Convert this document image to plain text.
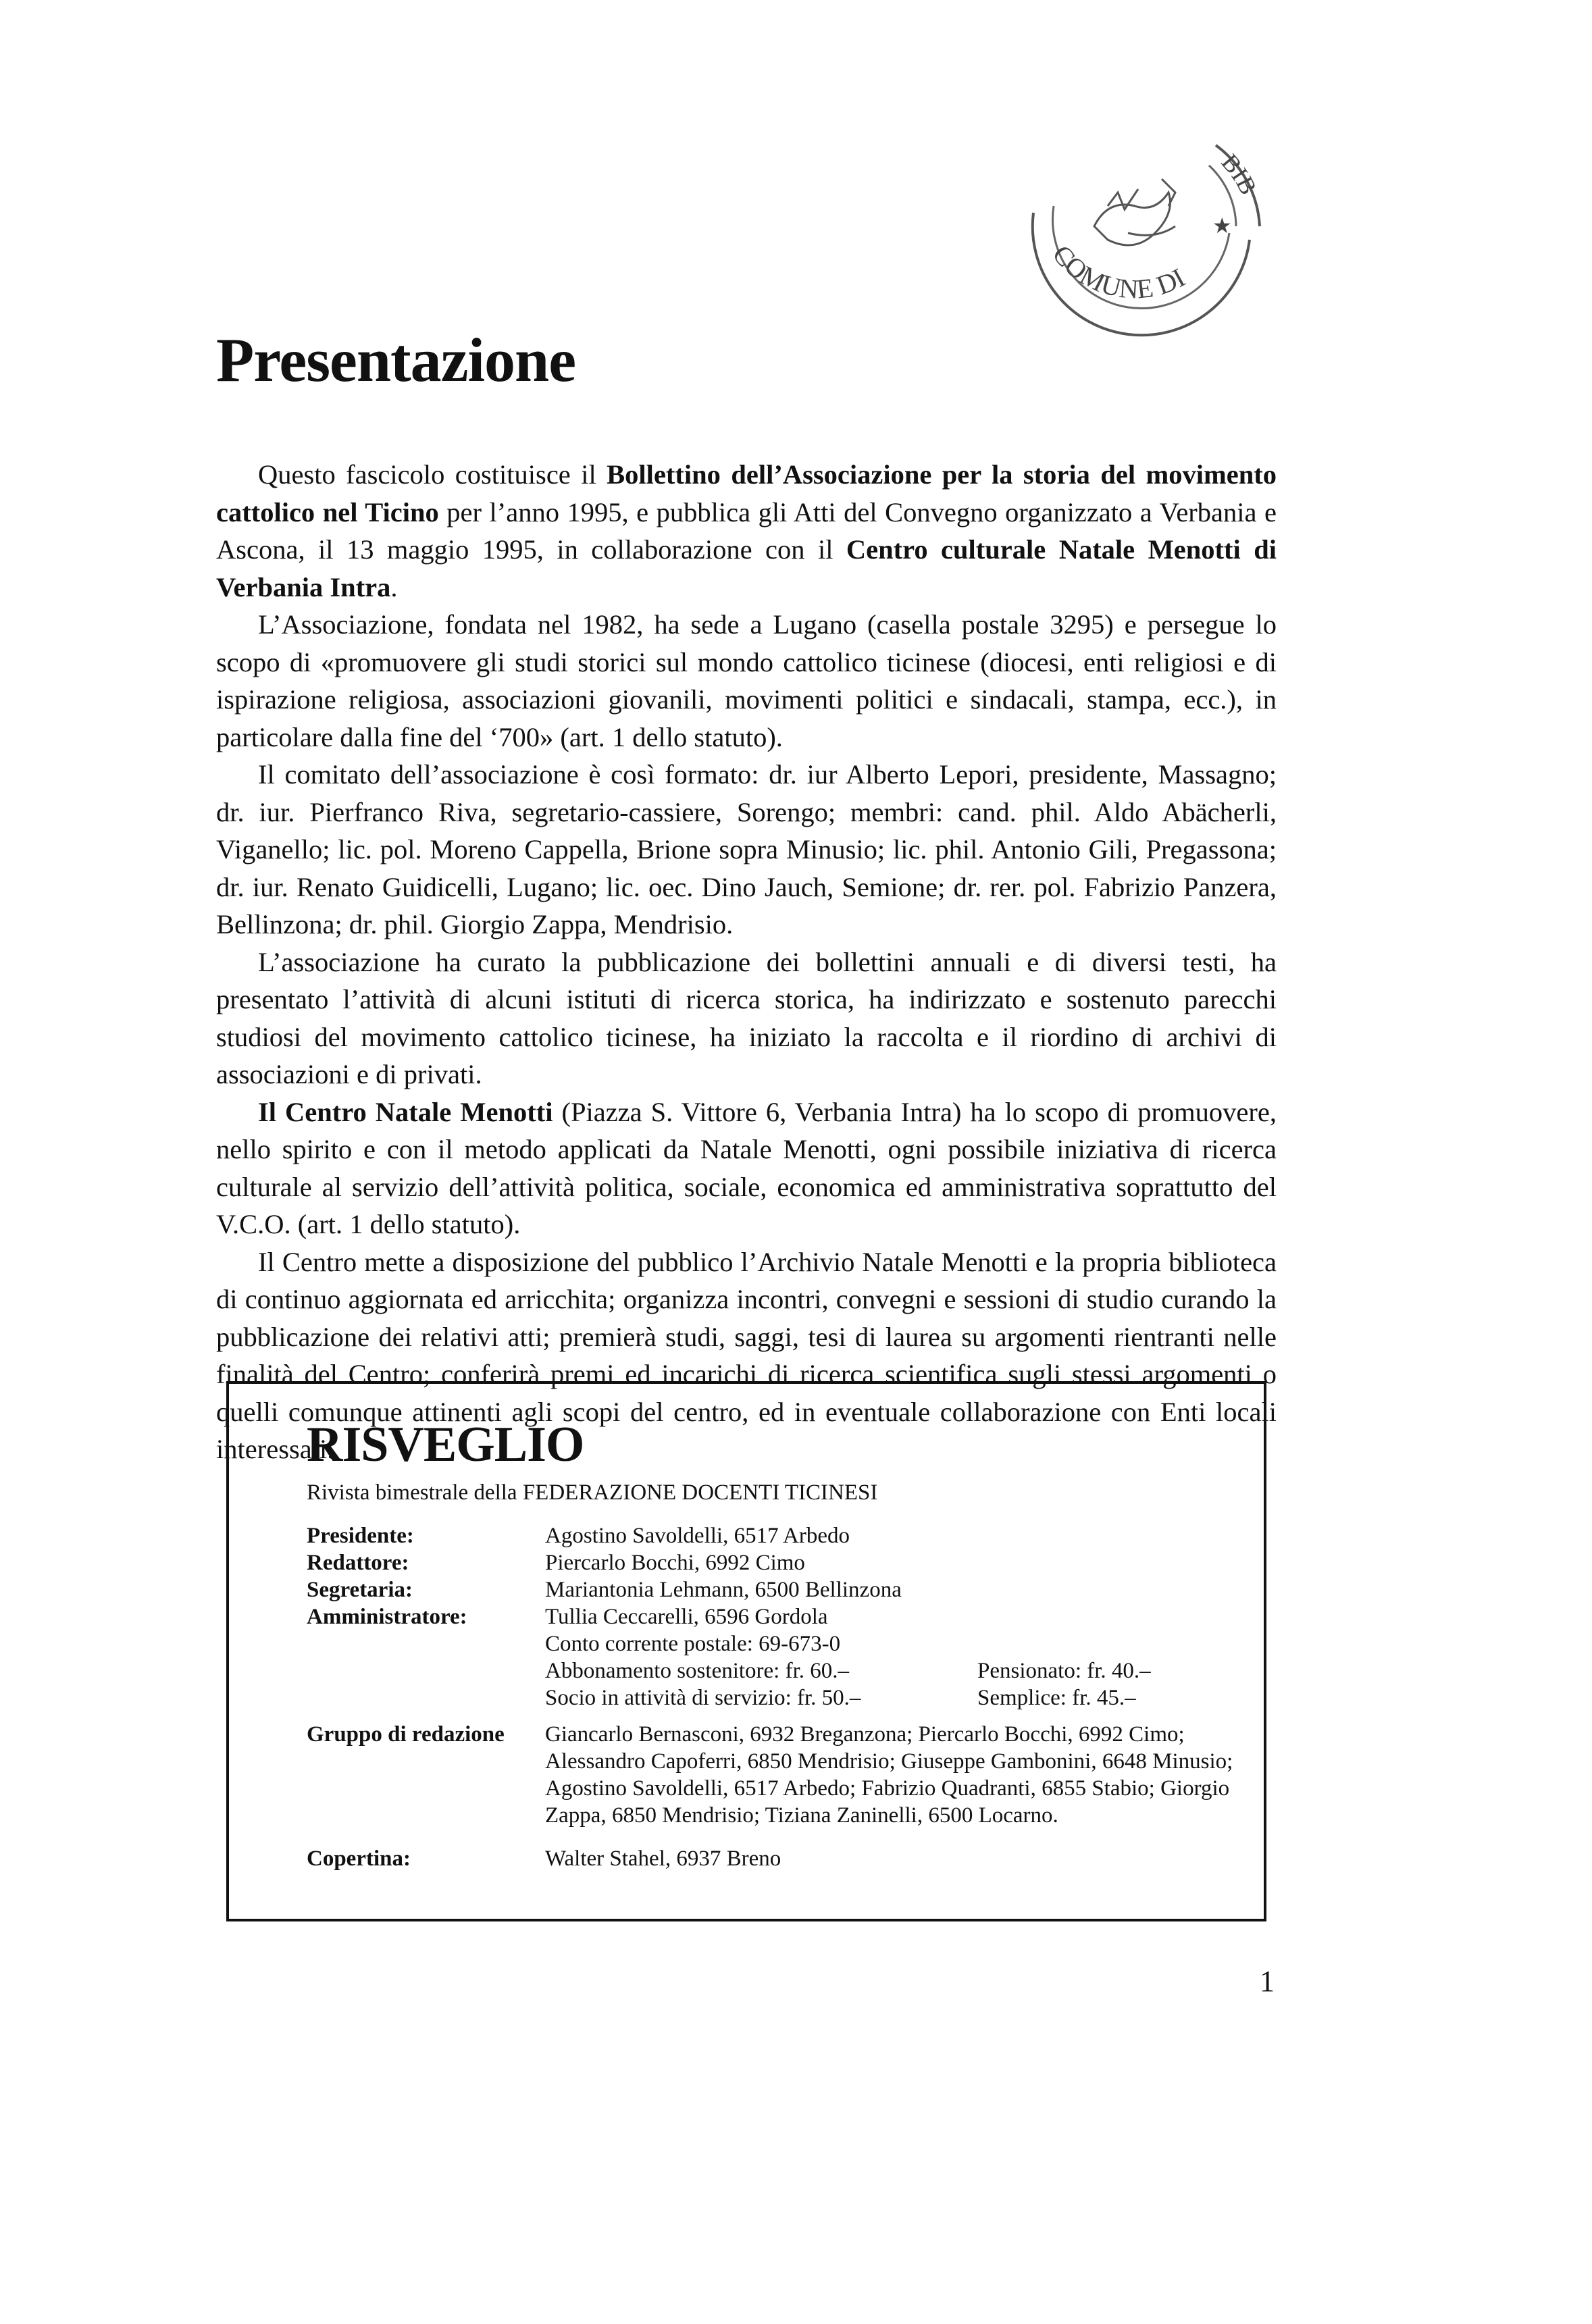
COMUNE DI
BIB
★
Presentazione

Questo fascicolo costituisce il Bollettino dell’Associazione per la storia del movimento cattolico nel Ticino per l’anno 1995, e pubblica gli Atti del Convegno organizzato a Verbania e Ascona, il 13 maggio 1995, in collaborazione con il Centro culturale Natale Menotti di Verbania Intra.

L’Associazione, fondata nel 1982, ha sede a Lugano (casella postale 3295) e persegue lo scopo di «promuovere gli studi storici sul mondo cattolico ticinese (diocesi, enti religiosi e di ispirazione religiosa, associazioni giovanili, movimenti politici e sindacali, stampa, ecc.), in particolare dalla fine del ‘700» (art. 1 dello statuto).

Il comitato dell’associazione è così formato: dr. iur Alberto Lepori, presidente, Massagno; dr. iur. Pierfranco Riva, segretario-cassiere, Sorengo; membri: cand. phil. Aldo Abächerli, Viganello; lic. pol. Moreno Cappella, Brione sopra Minusio; lic. phil. Antonio Gili, Pregassona; dr. iur. Renato Guidicelli, Lugano; lic. oec. Dino Jauch, Semione; dr. rer. pol. Fabrizio Panzera, Bellinzona; dr. phil. Giorgio Zappa, Mendrisio.

L’associazione ha curato la pubblicazione dei bollettini annuali e di diversi testi, ha presentato l’attività di alcuni istituti di ricerca storica, ha indirizzato e sostenuto parecchi studiosi del movimento cattolico ticinese, ha iniziato la raccolta e il riordino di archivi di associazioni e di privati.

Il Centro Natale Menotti (Piazza S. Vittore 6, Verbania Intra) ha lo scopo di promuovere, nello spirito e con il metodo applicati da Natale Menotti, ogni possibile iniziativa di ricerca culturale al servizio dell’attività politica, sociale, economica ed amministrativa soprattutto del V.C.O. (art. 1 dello statuto).

Il Centro mette a disposizione del pubblico l’Archivio Natale Menotti e la propria biblioteca di continuo aggiornata ed arricchita; organizza incontri, convegni e sessioni di studio curando la pubblicazione dei relativi atti; premierà studi, saggi, tesi di laurea su argomenti rientranti nelle finalità del Centro; conferirà premi ed incarichi di ricerca scientifica sugli stessi argomenti o quelli comunque attinenti agli scopi del centro, ed in eventuale collaborazione con Enti locali interessati.

RISVEGLIO
Rivista bimestrale della FEDERAZIONE DOCENTI TICINESI
Presidente:	Agostino Savoldelli, 6517 Arbedo
Redattore:	Piercarlo Bocchi, 6992 Cimo
Segretaria:	Mariantonia Lehmann, 6500 Bellinzona
Amministratore:	Tullia Ceccarelli, 6596 Gordola
Conto corrente postale: 69-673-0
Abbonamento sostenitore: fr. 60.–	Pensionato: fr. 40.–
Socio in attività di servizio: fr. 50.–	Semplice: fr. 45.–
Gruppo di redazione	Giancarlo Bernasconi, 6932 Breganzona; Piercarlo Bocchi, 6992 Cimo; Alessandro Capoferri, 6850 Mendrisio; Giuseppe Gambonini, 6648 Minusio; Agostino Savoldelli, 6517 Arbedo; Fabrizio Quadranti, 6855 Stabio; Giorgio Zappa, 6850 Mendrisio; Tiziana Zaninelli, 6500 Locarno.
Copertina:	Walter Stahel, 6937 Breno
1
